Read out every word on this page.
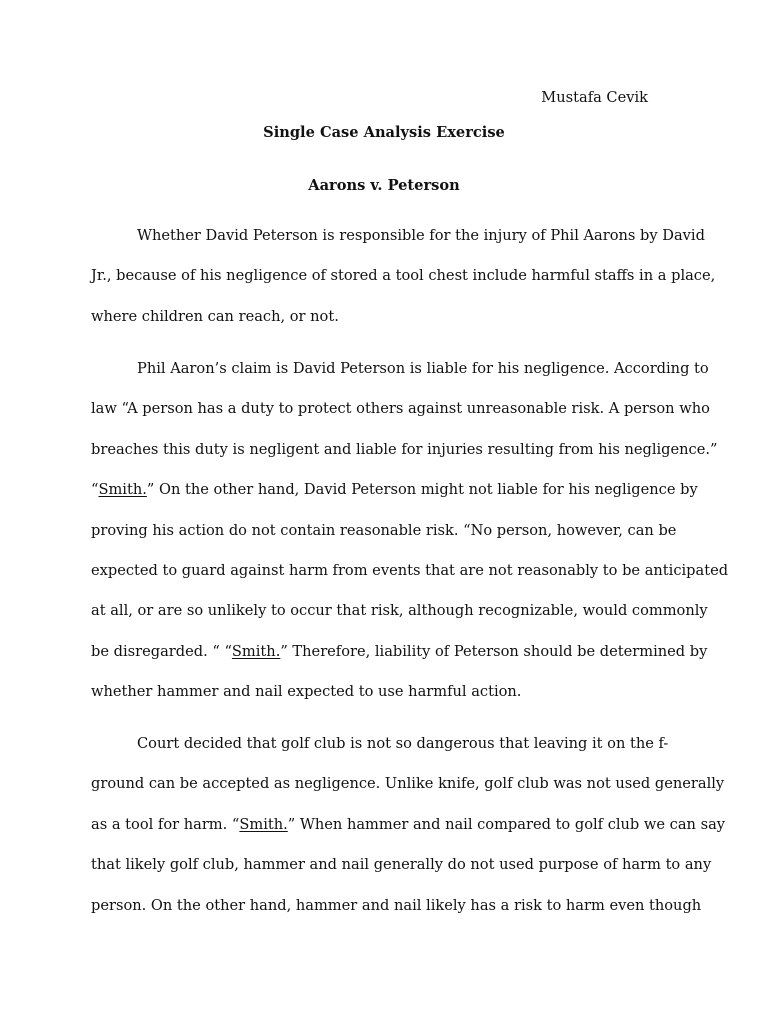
Mustafa Cevik
Single Case Analysis Exercise
Aarons v. Peterson
Whether David Peterson is responsible for the injury of Phil Aarons by David
Jr., because of his negligence of stored a tool chest include harmful staffs in a place,
where children can reach, or not.
Phil Aaron’s claim is David Peterson is liable for his negligence. According to
law “A person has a duty to protect others against unreasonable risk. A person who
breaches this duty is negligent and liable for injuries resulting from his negligence.”
“Smith.” On the other hand, David Peterson might not liable for his negligence by
proving his action do not contain reasonable risk. “No person, however, can be
expected to guard against harm from events that are not reasonably to be anticipated
at all, or are so unlikely to occur that risk, although recognizable, would commonly
be disregarded. “ “Smith.” Therefore, liability of Peterson should be determined by
whether hammer and nail expected to use harmful action.
Court decided that golf club is not so dangerous that leaving it on the f-
ground can be accepted as negligence. Unlike knife, golf club was not used generally
as a tool for harm. “Smith.” When hammer and nail compared to golf club we can say
that likely golf club, hammer and nail generally do not used purpose of harm to any
person. On the other hand, hammer and nail likely has a risk to harm even though
